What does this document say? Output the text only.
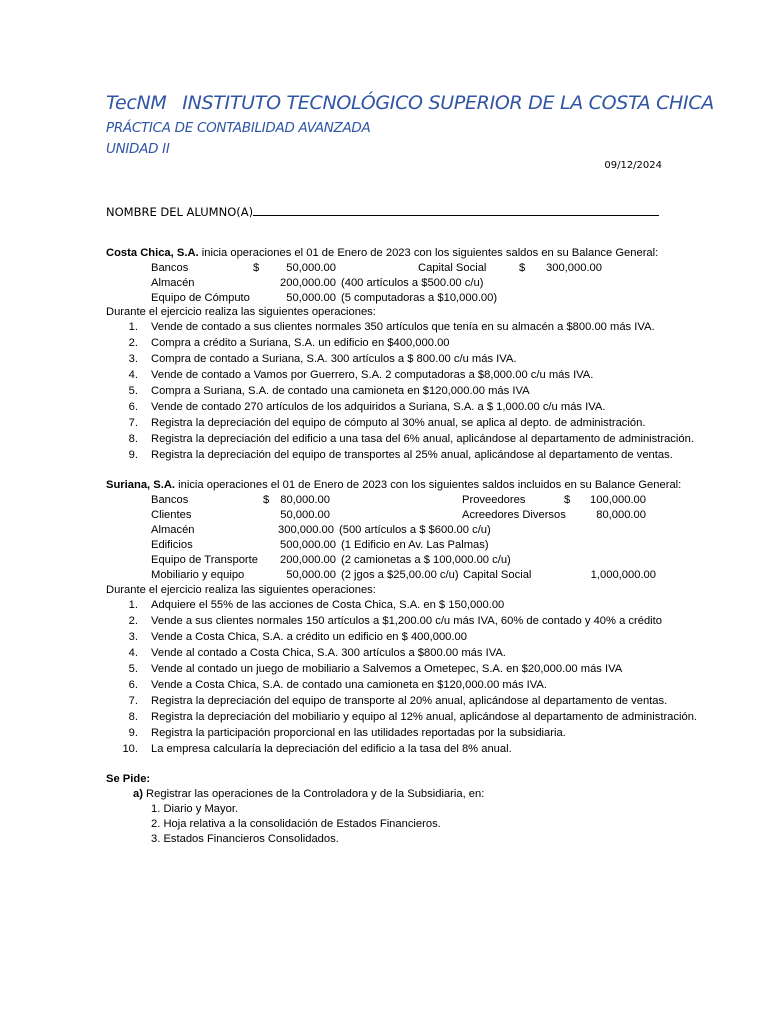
TecNM INSTITUTO TECNOLÓGICO SUPERIOR DE LA COSTA CHICA
PRÁCTICA DE CONTABILIDAD AVANZADA
UNIDAD II
09/12/2024
NOMBRE DEL ALUMNO(A)
Costa Chica, S.A. inicia operaciones el 01 de Enero de 2023 con los siguientes saldos en su Balance General:
Bancos	$	50,000.00	Capital Social	$	300,000.00
Almacén	200,000.00 (400 artículos a $500.00 c/u)
Equipo de Cómputo	50,000.00 (5 computadoras a $10,000.00)
Durante el ejercicio realiza las siguientes operaciones:
1. Vende de contado a sus clientes normales 350 artículos que tenía en su almacén a $800.00 más IVA.
2. Compra a crédito a Suriana, S.A. un edificio en $400,000.00
3. Compra de contado a Suriana, S.A. 300 artículos a $ 800.00 c/u más IVA.
4. Vende de contado a Vamos por Guerrero, S.A. 2 computadoras a $8,000.00 c/u más IVA.
5. Compra a Suriana, S.A. de contado una camioneta en $120,000.00 más IVA
6. Vende de contado 270 artículos de los adquiridos a Suriana, S.A. a $ 1,000.00 c/u más IVA.
7. Registra la depreciación del equipo de cómputo al 30% anual, se aplica al depto. de administración.
8. Registra la depreciación del edificio a una tasa del 6% anual, aplicándose al departamento de administración.
9. Registra la depreciación del equipo de transportes al 25% anual, aplicándose al departamento de ventas.
Suriana, S.A. inicia operaciones el 01 de Enero de 2023 con los siguientes saldos incluidos en su Balance General:
Bancos	$ 80,000.00	Proveedores	$	100,000.00
Clientes	50,000.00	Acreedores Diversos	80,000.00
Almacén	300,000.00 (500 artículos a $ $600.00 c/u)
Edificios	500,000.00 (1 Edificio en Av. Las Palmas)
Equipo de Transporte	200,000.00 (2 camionetas a $ 100,000.00 c/u)
Mobiliario y equipo	50,000.00 (2 jgos a $25,00.00 c/u) Capital Social	1,000,000.00
Durante el ejercicio realiza las siguientes operaciones:
1. Adquiere el 55% de las acciones de Costa Chica, S.A. en $ 150,000.00
2. Vende a sus clientes normales 150 artículos a $1,200.00 c/u más IVA, 60% de contado y 40% a crédito
3. Vende a Costa Chica, S.A. a crédito un edificio en $ 400,000.00
4. Vende al contado a Costa Chica, S.A. 300 artículos a $800.00 más IVA.
5. Vende al contado un juego de mobiliario a Salvemos a Ometepec, S.A. en $20,000.00 más IVA
6. Vende a Costa Chica, S.A. de contado una camioneta en $120,000.00 más IVA.
7. Registra la depreciación del equipo de transporte al 20% anual, aplicándose al departamento de ventas.
8. Registra la depreciación del mobiliario y equipo al 12% anual, aplicándose al departamento de administración.
9. Registra la participación proporcional en las utilidades reportadas por la subsidiaria.
10. La empresa calcularía la depreciación del edificio a la tasa del 8% anual.
Se Pide:
a) Registrar las operaciones de la Controladora y de la Subsidiaria, en:
1. Diario y Mayor.
2. Hoja relativa a la consolidación de Estados Financieros.
3. Estados Financieros Consolidados.
